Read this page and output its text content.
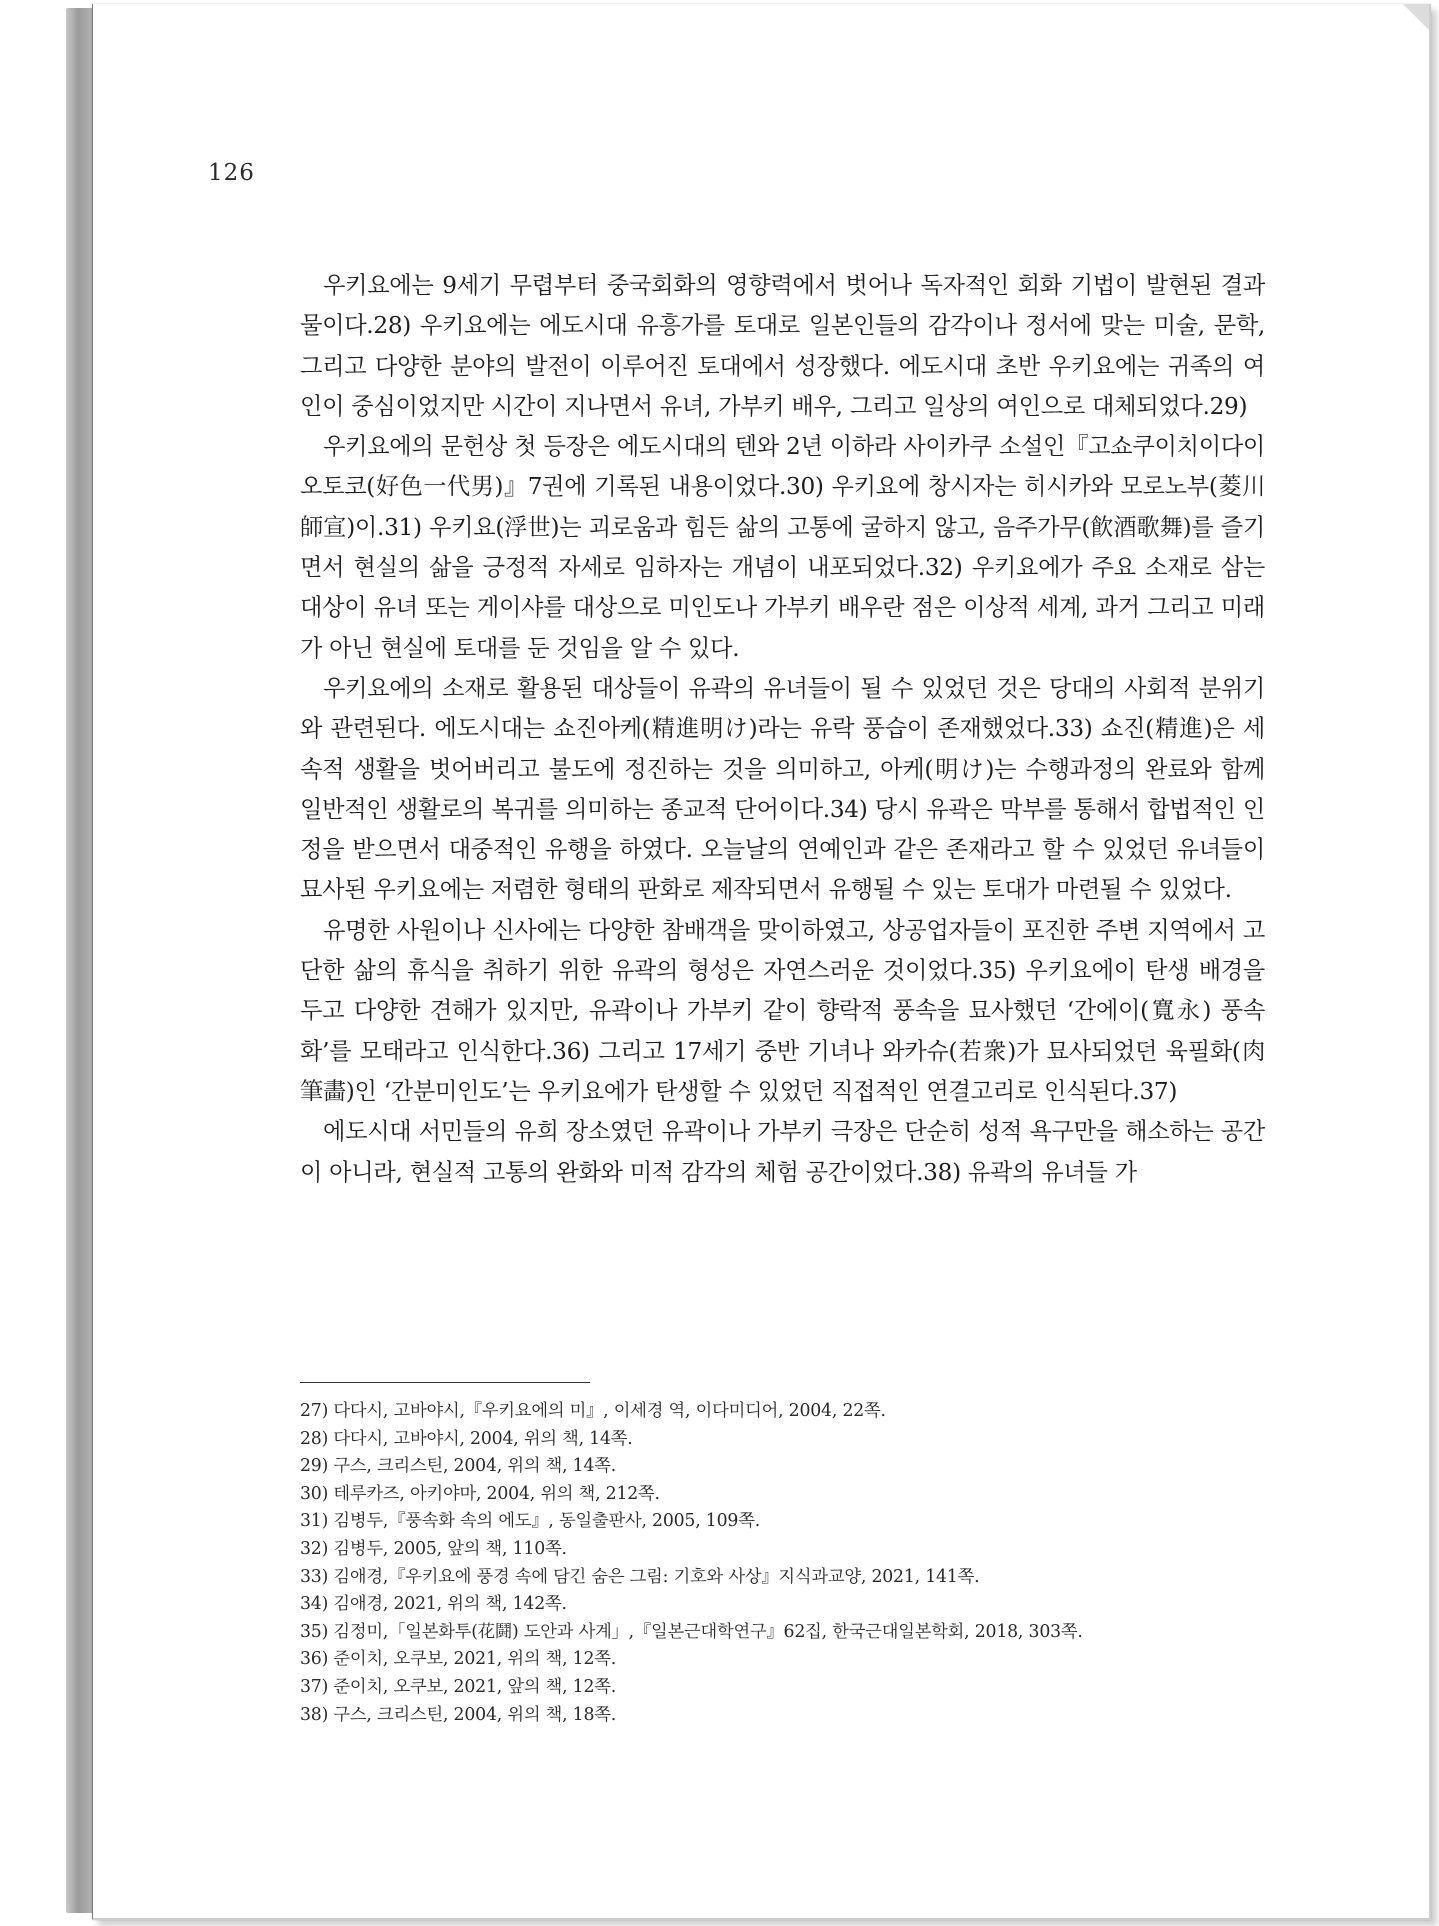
126

우키요에는 9세기 무렵부터 중국회화의 영향력에서 벗어나 독자적인 회화 기법이 발현된 결과물이다.28) 우키요에는 에도시대 유흥가를 토대로 일본인들의 감각이나 정서에 맞는 미술, 문학, 그리고 다양한 분야의 발전이 이루어진 토대에서 성장했다. 에도시대 초반 우키요에는 귀족의 여인이 중심이었지만 시간이 지나면서 유녀, 가부키 배우, 그리고 일상의 여인으로 대체되었다.29)

우키요에의 문헌상 첫 등장은 에도시대의 텐와 2년 이하라 사이카쿠 소설인『고쇼쿠이치이다이오토코(好色一代男)』7권에 기록된 내용이었다.30) 우키요에 창시자는 히시카와 모로노부(菱川師宣)이.31) 우키요(浮世)는 괴로움과 힘든 삶의 고통에 굴하지 않고, 음주가무(飮酒歌舞)를 즐기면서 현실의 삶을 긍정적 자세로 임하자는 개념이 내포되었다.32) 우키요에가 주요 소재로 삼는 대상이 유녀 또는 게이샤를 대상으로 미인도나 가부키 배우란 점은 이상적 세계, 과거 그리고 미래가 아닌 현실에 토대를 둔 것임을 알 수 있다.

우키요에의 소재로 활용된 대상들이 유곽의 유녀들이 될 수 있었던 것은 당대의 사회적 분위기와 관련된다. 에도시대는 쇼진아케(精進明け)라는 유락 풍습이 존재했었다.33) 쇼진(精進)은 세속적 생활을 벗어버리고 불도에 정진하는 것을 의미하고, 아케(明け)는 수행과정의 완료와 함께 일반적인 생활로의 복귀를 의미하는 종교적 단어이다.34) 당시 유곽은 막부를 통해서 합법적인 인정을 받으면서 대중적인 유행을 하였다. 오늘날의 연예인과 같은 존재라고 할 수 있었던 유녀들이 묘사된 우키요에는 저렴한 형태의 판화로 제작되면서 유행될 수 있는 토대가 마련될 수 있었다.

유명한 사원이나 신사에는 다양한 참배객을 맞이하였고, 상공업자들이 포진한 주변 지역에서 고단한 삶의 휴식을 취하기 위한 유곽의 형성은 자연스러운 것이었다.35) 우키요에이 탄생 배경을 두고 다양한 견해가 있지만, 유곽이나 가부키 같이 향락적 풍속을 묘사했던 ‘간에이(寬永) 풍속화’를 모태라고 인식한다.36) 그리고 17세기 중반 기녀나 와카슈(若衆)가 묘사되었던 육필화(肉筆畵)인 ‘간분미인도’는 우키요에가 탄생할 수 있었던 직접적인 연결고리로 인식된다.37)

에도시대 서민들의 유희 장소였던 유곽이나 가부키 극장은 단순히 성적 욕구만을 해소하는 공간이 아니라, 현실적 고통의 완화와 미적 감각의 체험 공간이었다.38) 유곽의 유녀들 가

27) 다다시, 고바야시,『우키요에의 미』, 이세경 역, 이다미디어, 2004, 22쪽.
28) 다다시, 고바야시, 2004, 위의 책, 14쪽.
29) 구스, 크리스틴, 2004, 위의 책, 14쪽.
30) 테루카즈, 아키야마, 2004, 위의 책, 212쪽.
31) 김병두,『풍속화 속의 에도』, 동일출판사, 2005, 109쪽.
32) 김병두, 2005, 앞의 책, 110쪽.
33) 김애경,『우키요에 풍경 속에 담긴 숨은 그림: 기호와 사상』지식과교양, 2021, 141쪽.
34) 김애경, 2021, 위의 책, 142쪽.
35) 김정미,「일본화투(花鬪) 도안과 사계」,『일본근대학연구』62집, 한국근대일본학회, 2018, 303쪽.
36) 준이치, 오쿠보, 2021, 위의 책, 12쪽.
37) 준이치, 오쿠보, 2021, 앞의 책, 12쪽.
38) 구스, 크리스틴, 2004, 위의 책, 18쪽.
